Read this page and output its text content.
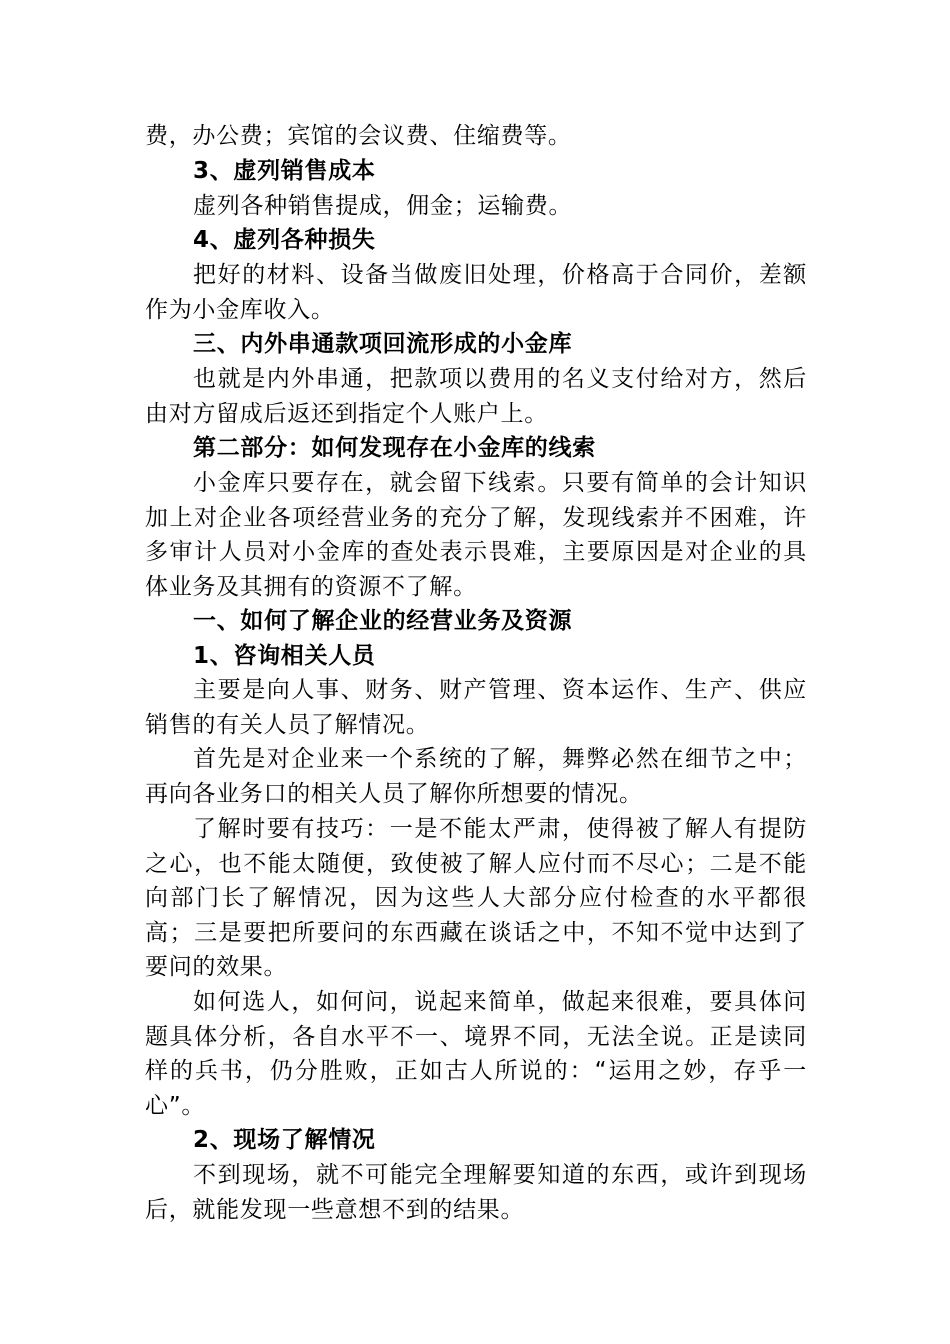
费，办公费；宾馆的会议费、住缩费等。

3、虚列销售成本

虚列各种销售提成，佣金；运输费。

4、虚列各种损失

把好的材料、设备当做废旧处理，价格高于合同价，差额作为小金库收入。

三、内外串通款项回流形成的小金库

也就是内外串通，把款项以费用的名义支付给对方，然后由对方留成后返还到指定个人账户上。

第二部分：如何发现存在小金库的线索

小金库只要存在，就会留下线索。只要有简单的会计知识加上对企业各项经营业务的充分了解，发现线索并不困难，许多审计人员对小金库的查处表示畏难，主要原因是对企业的具体业务及其拥有的资源不了解。

一、如何了解企业的经营业务及资源

1、咨询相关人员

主要是向人事、财务、财产管理、资本运作、生产、供应销售的有关人员了解情况。

首先是对企业来一个系统的了解，舞弊必然在细节之中；再向各业务口的相关人员了解你所想要的情况。

了解时要有技巧：一是不能太严肃，使得被了解人有提防之心，也不能太随便，致使被了解人应付而不尽心；二是不能向部门长了解情况，因为这些人大部分应付检查的水平都很高；三是要把所要问的东西藏在谈话之中，不知不觉中达到了要问的效果。

如何选人，如何问，说起来简单，做起来很难，要具体问题具体分析，各自水平不一、境界不同，无法全说。正是读同样的兵书，仍分胜败，正如古人所说的：“运用之妙，存乎一心”。

2、现场了解情况

不到现场，就不可能完全理解要知道的东西，或许到现场后，就能发现一些意想不到的结果。
